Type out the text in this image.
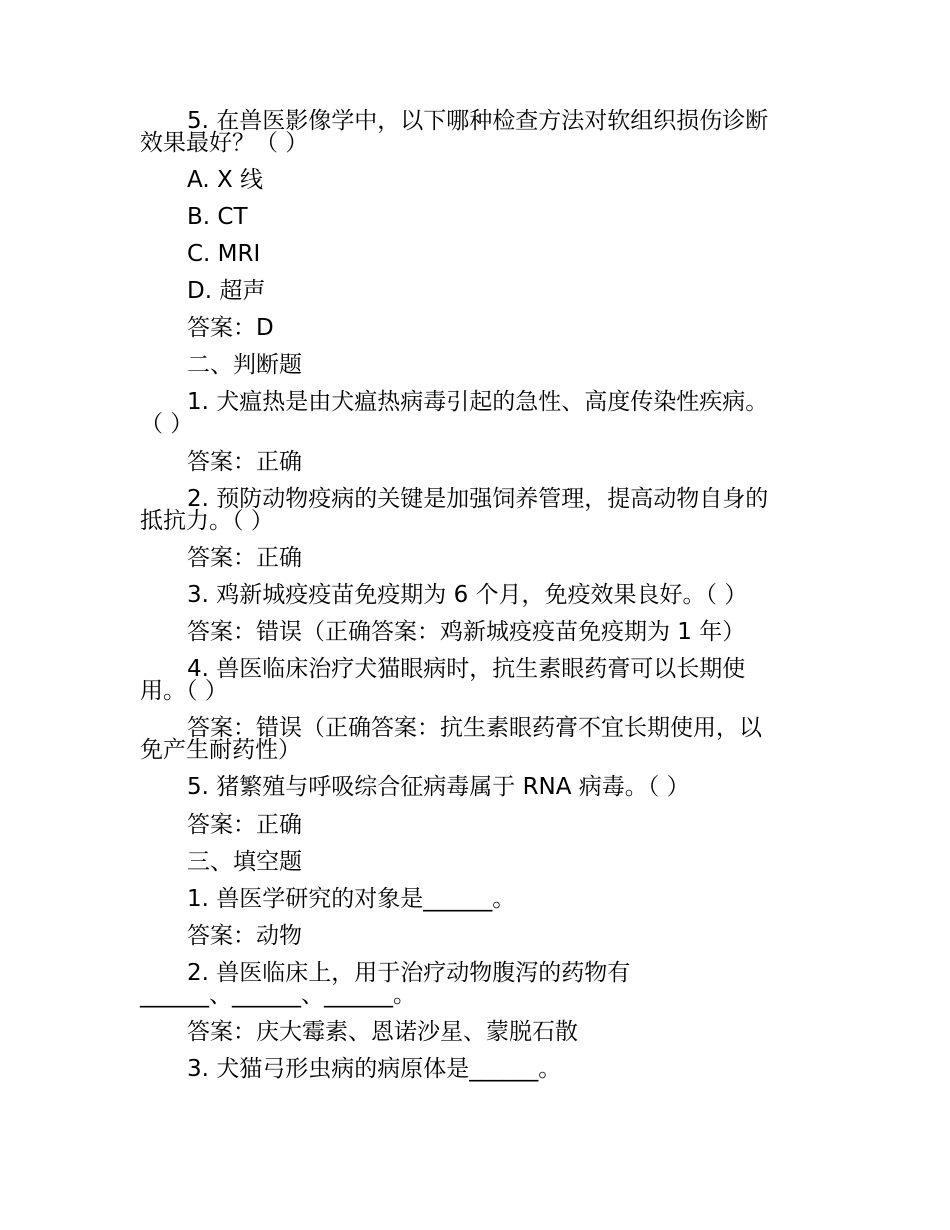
5. 在兽医影像学中，以下哪种检查方法对软组织损伤诊断
效果最好？（ ）
A. X 线
B. CT
C. MRI
D. 超声
答案：D
二、判断题
1. 犬瘟热是由犬瘟热病毒引起的急性、高度传染性疾病。
（ ）
答案：正确
2. 预防动物疫病的关键是加强饲养管理，提高动物自身的
抵抗力。（ ）
答案：正确
3. 鸡新城疫疫苗免疫期为 6 个月，免疫效果良好。（ ）
答案：错误（正确答案：鸡新城疫疫苗免疫期为 1 年）
4. 兽医临床治疗犬猫眼病时，抗生素眼药膏可以长期使
用。（ ）
答案：错误（正确答案：抗生素眼药膏不宜长期使用，以
免产生耐药性）
5. 猪繁殖与呼吸综合征病毒属于 RNA 病毒。（ ）
答案：正确
三、填空题
1. 兽医学研究的对象是______。
答案：动物
2. 兽医临床上，用于治疗动物腹泻的药物有
______、______、______。
答案：庆大霉素、恩诺沙星、蒙脱石散
3. 犬猫弓形虫病的病原体是______。
